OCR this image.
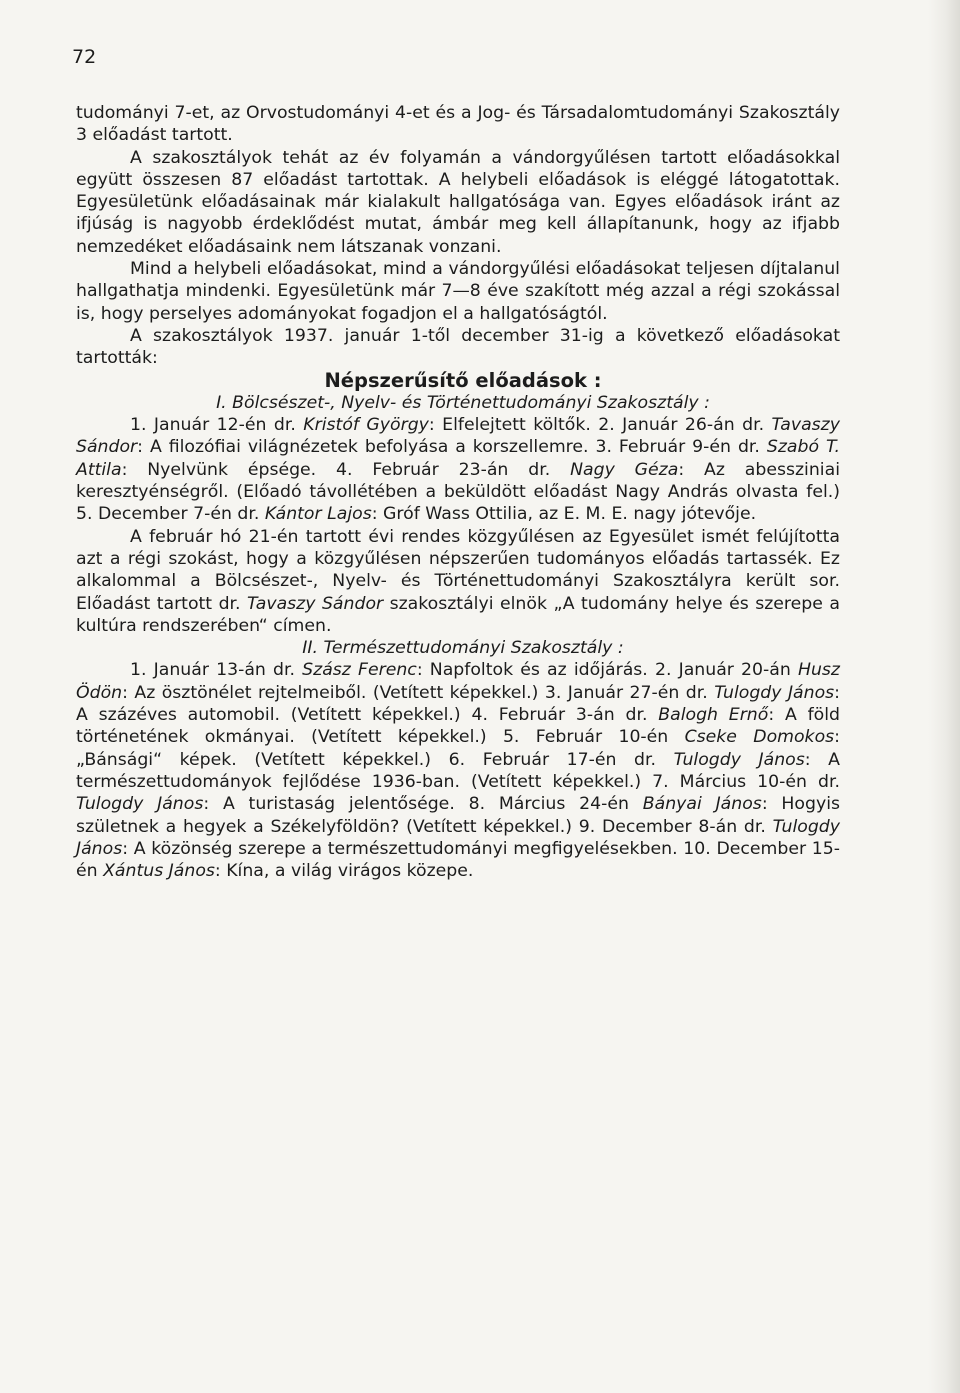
72

tudományi 7-et, az Orvostudományi 4-et és a Jog- és Társadalomtudományi Szakosztály 3 előadást tartott.

A szakosztályok tehát az év folyamán a vándorgyűlésen tartott előadásokkal együtt összesen 87 előadást tartottak. A helybeli előadások is eléggé látogatottak. Egyesületünk előadásainak már kialakult hallgatósága van. Egyes előadások iránt az ifjúság is nagyobb érdeklődést mutat, ámbár meg kell állapítanunk, hogy az ifjabb nemzedéket előadásaink nem látszanak vonzani.

Mind a helybeli előadásokat, mind a vándorgyűlési előadásokat teljesen díjtalanul hallgathatja mindenki. Egyesületünk már 7—8 éve szakított még azzal a régi szokással is, hogy perselyes adományokat fogadjon el a hallgatóságtól.

A szakosztályok 1937. január 1-től december 31-ig a következő előadásokat tartották:

Népszerűsítő előadások :

I. Bölcsészet-, Nyelv- és Történettudományi Szakosztály :

1. Január 12-én dr. Kristóf György: Elfelejtett költők. 2. Január 26-án dr. Tavaszy Sándor: A filozófiai világnézetek befolyása a korszellemre. 3. Február 9-én dr. Szabó T. Attila: Nyelvünk épsége. 4. Február 23-án dr. Nagy Géza: Az abessziniai keresztyénségről. (Előadó távollétében a beküldött előadást Nagy András olvasta fel.) 5. December 7-én dr. Kántor Lajos: Gróf Wass Ottilia, az E. M. E. nagy jótevője.

A február hó 21-én tartott évi rendes közgyűlésen az Egyesület ismét felújította azt a régi szokást, hogy a közgyűlésen népszerűen tudományos előadás tartassék. Ez alkalommal a Bölcsészet-, Nyelv- és Történettudományi Szakosztályra került sor. Előadást tartott dr. Tavaszy Sándor szakosztályi elnök „A tudomány helye és szerepe a kultúra rendszerében“ címen.

II. Természettudományi Szakosztály :

1. Január 13-án dr. Szász Ferenc: Napfoltok és az időjárás. 2. Január 20-án Husz Ödön: Az ösztönélet rejtelmeiből. (Vetített képekkel.) 3. Január 27-én dr. Tulogdy János: A százéves automobil. (Vetített képekkel.) 4. Február 3-án dr. Balogh Ernő: A föld történetének okmányai. (Vetített képekkel.) 5. Február 10-én Cseke Domokos: „Bánsági“ képek. (Vetített képekkel.) 6. Február 17-én dr. Tulogdy János: A természettudományok fejlődése 1936-ban. (Vetített képekkel.) 7. Március 10-én dr. Tulogdy János: A turistaság jelentősége. 8. Március 24-én Bányai János: Hogyis születnek a hegyek a Székelyföldön? (Vetített képekkel.) 9. December 8-án dr. Tulogdy János: A közönség szerepe a természettudományi megfigyelésekben. 10. December 15-én Xántus János: Kína, a világ virágos közepe.
